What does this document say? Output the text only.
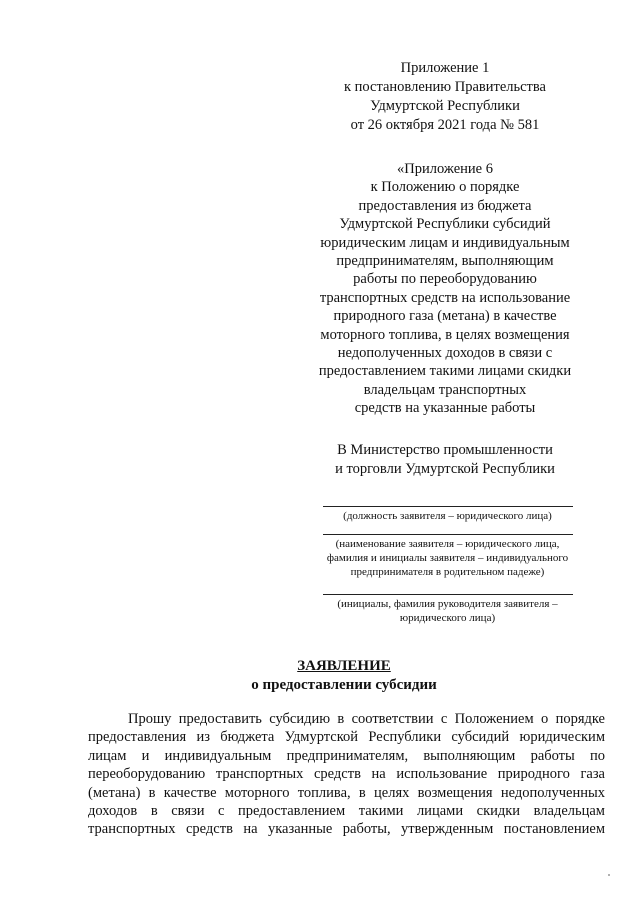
Приложение 1
к постановлению Правительства
Удмуртской Республики
от 26 октября 2021 года № 581
«Приложение 6
к Положению о порядке
предоставления из бюджета
Удмуртской Республики субсидий
юридическим лицам и индивидуальным
предпринимателям, выполняющим
работы по переоборудованию
транспортных средств на использование
природного газа (метана) в качестве
моторного топлива, в целях возмещения
недополученных доходов в связи с
предоставлением такими лицами скидки
владельцам транспортных
средств на указанные работы
В Министерство промышленности
и торговли Удмуртской Республики
(должность заявителя – юридического лица)
(наименование заявителя – юридического лица,
фамилия и инициалы заявителя – индивидуального
предпринимателя в родительном падеже)
(инициалы, фамилия руководителя заявителя –
юридического лица)
ЗАЯВЛЕНИЕ
о предоставлении субсидии
Прошу предоставить субсидию в соответствии с Положением о порядке
предоставления из бюджета Удмуртской Республики субсидий юридическим
лицам и индивидуальным предпринимателям, выполняющим работы по
переоборудованию транспортных средств на использование природного газа
(метана) в качестве моторного топлива, в целях возмещения недополученных
доходов в связи с предоставлением такими лицами скидки владельцам
транспортных средств на указанные работы, утвержденным постановлением
